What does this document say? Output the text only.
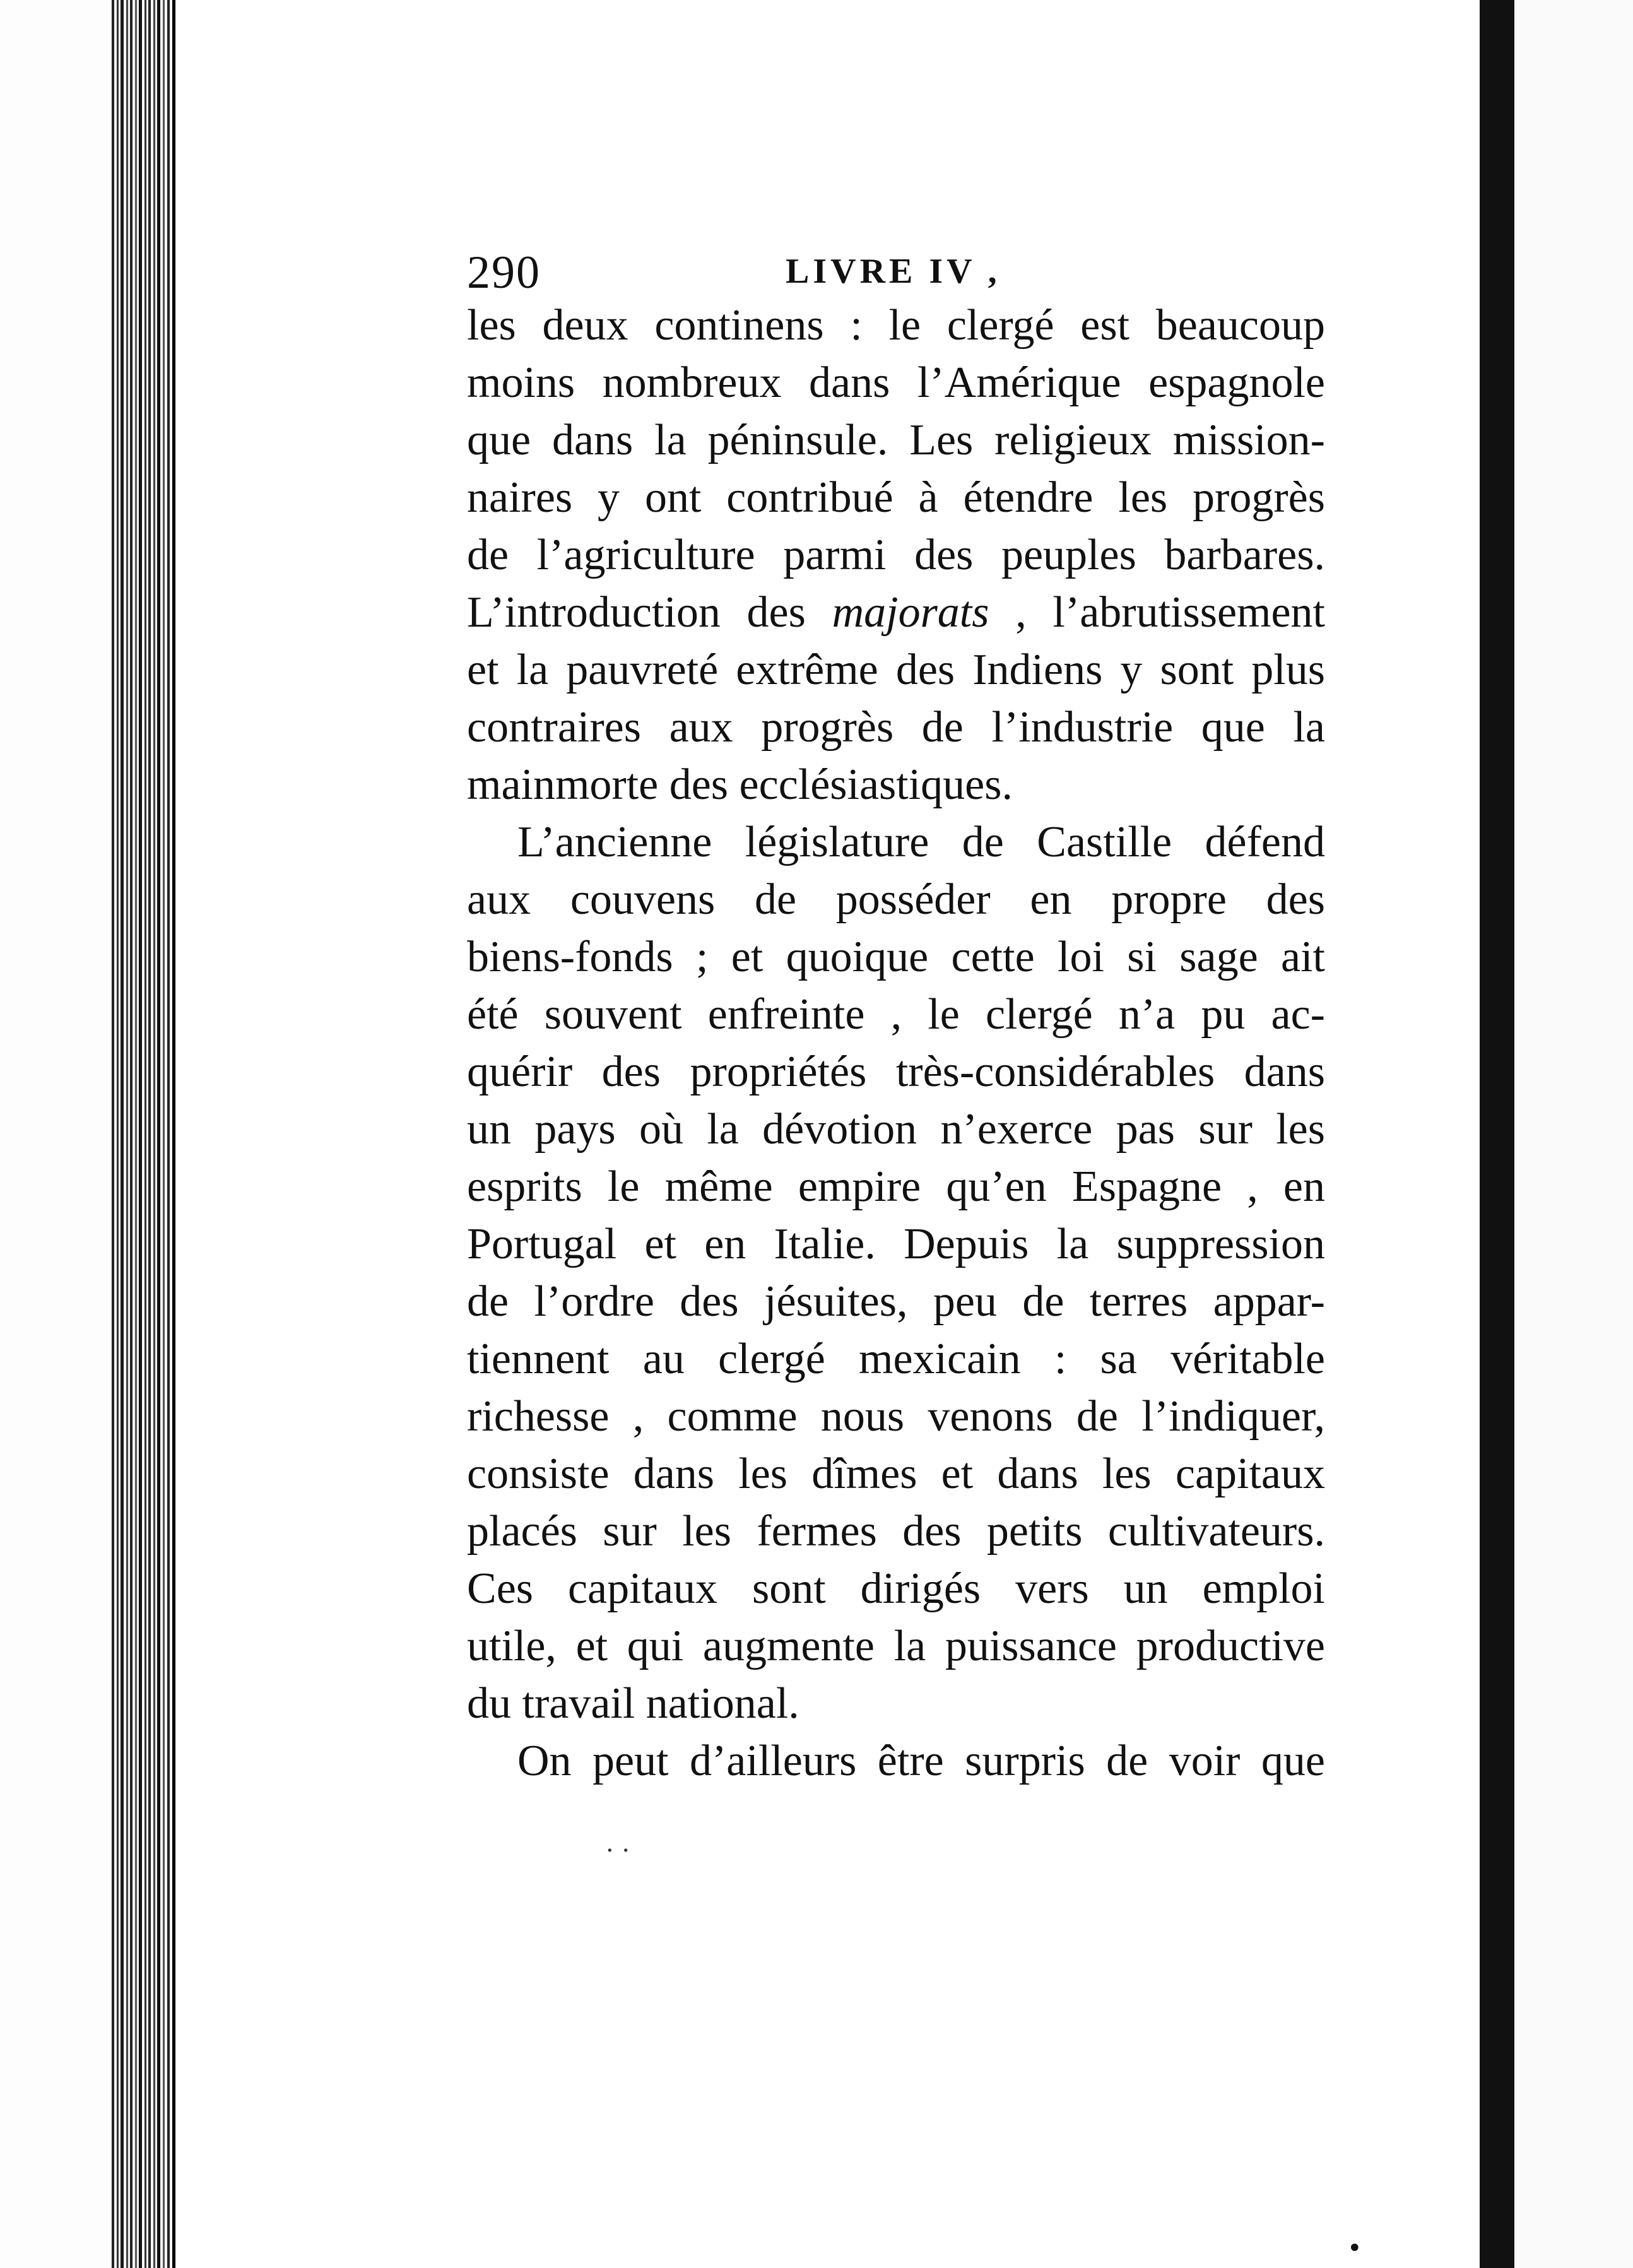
290	LIVRE IV ,
les deux continens : le clergé est beaucoup
moins nombreux dans l’Amérique espagnole
que dans la péninsule. Les religieux mission-
naires y ont contribué à étendre les progrès
de l’agriculture parmi des peuples barbares.
L’introduction des majorats , l’abrutissement
et la pauvreté extrême des Indiens y sont plus
contraires aux progrès de l’industrie que la
mainmorte des ecclésiastiques.
L’ancienne législature de Castille défend
aux couvens de posséder en propre des
biens-fonds ; et quoique cette loi si sage ait
été souvent enfreinte , le clergé n’a pu ac-
quérir des propriétés très-considérables dans
un pays où la dévotion n’exerce pas sur les
esprits le même empire qu’en Espagne , en
Portugal et en Italie. Depuis la suppression
de l’ordre des jésuites, peu de terres appar-
tiennent au clergé mexicain : sa véritable
richesse , comme nous venons de l’indiquer,
consiste dans les dîmes et dans les capitaux
placés sur les fermes des petits cultivateurs.
Ces capitaux sont dirigés vers un emploi
utile, et qui augmente la puissance productive
du travail national.
On peut d’ailleurs être surpris de voir que
· ·
•
